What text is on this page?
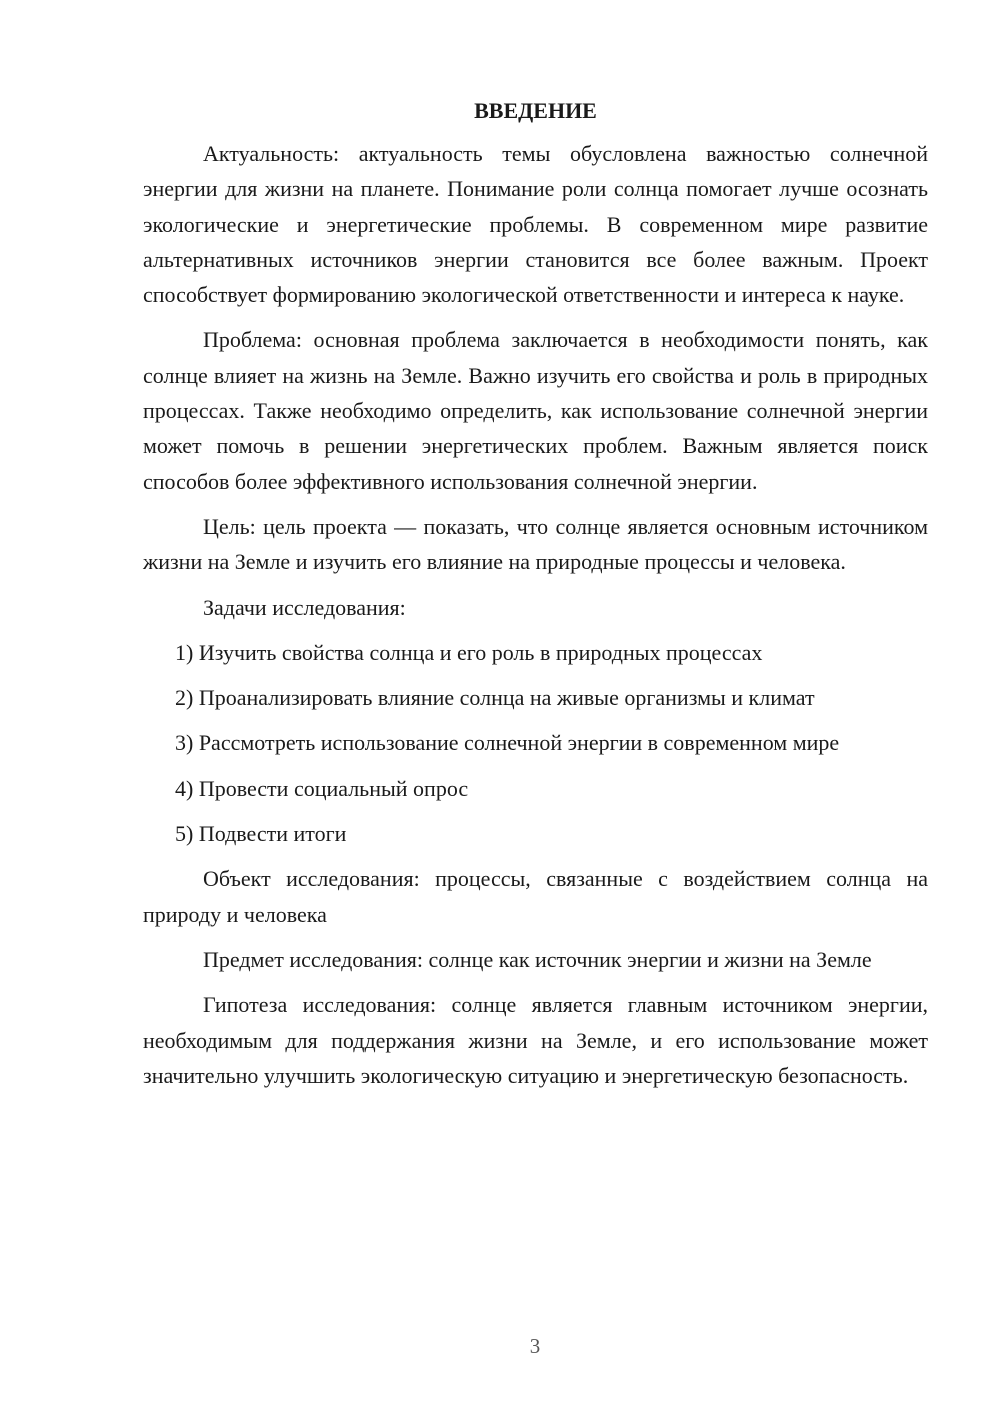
ВВЕДЕНИЕ

Актуальность: актуальность темы обусловлена важностью солнечной энергии для жизни на планете. Понимание роли солнца помогает лучше осознать экологические и энергетические проблемы. В современном мире развитие альтернативных источников энергии становится все более важным. Проект способствует формированию экологической ответственности и интереса к науке.

Проблема: основная проблема заключается в необходимости понять, как солнце влияет на жизнь на Земле. Важно изучить его свойства и роль в природных процессах. Также необходимо определить, как использование солнечной энергии может помочь в решении энергетических проблем. Важным является поиск способов более эффективного использования солнечной энергии.

Цель: цель проекта — показать, что солнце является основным источником жизни на Земле и изучить его влияние на природные процессы и человека.

Задачи исследования:

1) Изучить свойства солнца и его роль в природных процессах
2) Проанализировать влияние солнца на живые организмы и климат
3) Рассмотреть использование солнечной энергии в современном мире
4) Провести социальный опрос
5) Подвести итоги

Объект исследования: процессы, связанные с воздействием солнца на природу и человека

Предмет исследования: солнце как источник энергии и жизни на Земле

Гипотеза исследования: солнце является главным источником энергии, необходимым для поддержания жизни на Земле, и его использование может значительно улучшить экологическую ситуацию и энергетическую безопасность.

3
